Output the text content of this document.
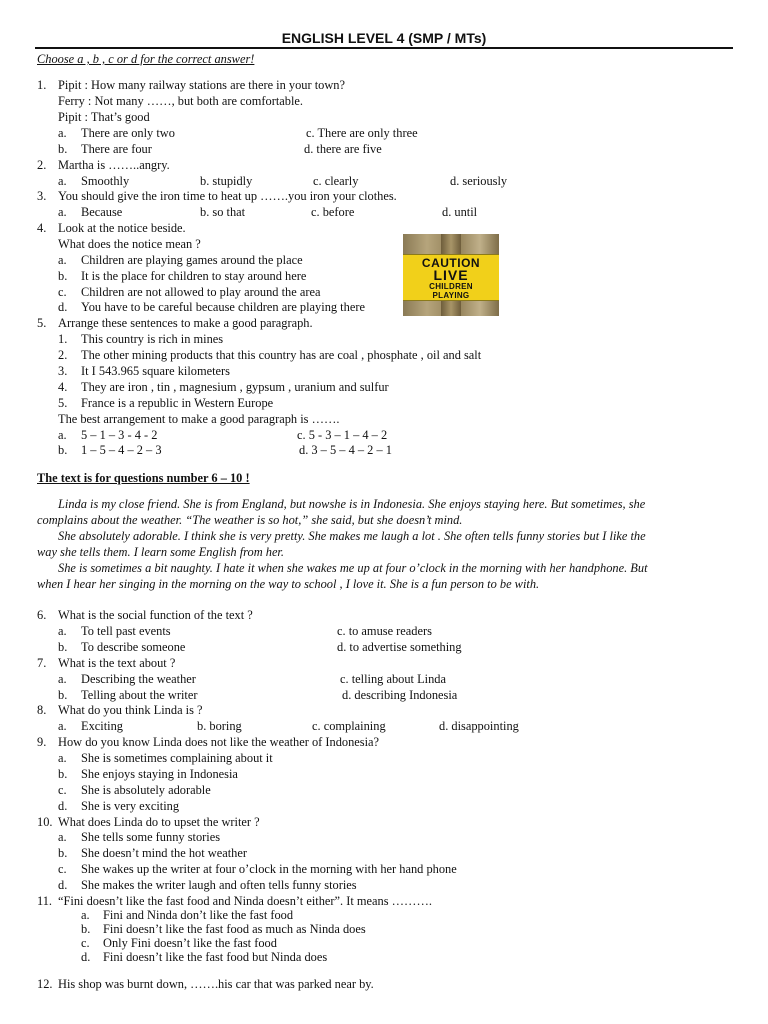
ENGLISH LEVEL 4 (SMP / MTs)
Choose a , b , c or d for the correct answer!
1. Pipit : How many railway stations are there in your town?
Ferry : Not many ……, but both are comfortable.
Pipit : That’s good
a. There are only two	c. There are only three
b. There are four	d. there are five
2. Martha is ……..angry.
a. Smoothly	b. stupidly	c. clearly	d. seriously
3. You should give the iron time to heat up …….you iron your clothes.
a. Because	b. so that	c. before	d. until
4. Look at the notice beside.
What does the notice mean ?
a. Children are playing games around the place
b. It is the place for children to stay around here
c. Children are not allowed to play around the area
d. You have to be careful because children are playing there
CAUTION
LIVE
CHILDREN
PLAYING
5. Arrange these sentences to make a good paragraph.
1. This country is rich in mines
2. The other mining products that this country has are coal , phosphate , oil and salt
3. It I 543.965 square kilometers
4. They are iron , tin , magnesium , gypsum , uranium and sulfur
5. France is a republic in Western Europe
The best arrangement to make a good paragraph is …….
a. 5 – 1 – 3 - 4 - 2	c. 5 - 3 – 1 – 4 – 2
b. 1 – 5 – 4 – 2 – 3	d. 3 – 5 – 4 – 2 – 1
The text is for questions number 6 – 10 !
Linda is my close friend. She is from England, but nowshe is in Indonesia. She enjoys staying here. But sometimes, she
complains about the weather. “The weather is so hot,” she said, but she doesn’t mind.
She absolutely adorable. I think she is very pretty. She makes me laugh a lot . She often tells funny stories but I like the
way she tells them. I learn some English from her.
She is sometimes a bit naughty. I hate it when she wakes me up at four o’clock in the morning with her handphone. But
when I hear her singing in the morning on the way to school , I love it. She is a fun person to be with.
6. What is the social function of the text ?
a. To tell past events	c. to amuse readers
b. To describe someone	d. to advertise something
7. What is the text about ?
a. Describing the weather	c. telling about Linda
b. Telling about the writer	d. describing Indonesia
8. What do you think Linda is ?
a. Exciting	b. boring	c. complaining	d. disappointing
9. How do you know Linda does not like the weather of Indonesia?
a. She is sometimes complaining about it
b. She enjoys staying in Indonesia
c. She is absolutely adorable
d. She is very exciting
10. What does Linda do to upset the writer ?
a. She tells some funny stories
b. She doesn’t mind the hot weather
c. She wakes up the writer at four o’clock in the morning with her hand phone
d. She makes the writer laugh and often tells funny stories
11. “Fini doesn’t like the fast food and Ninda doesn’t either”. It means ……….
a. Fini and Ninda don’t like the fast food
b. Fini doesn’t like the fast food as much as Ninda does
c. Only Fini doesn’t like the fast food
d. Fini doesn’t like the fast food but Ninda does
12. His shop was burnt down, …….his car that was parked near by.
